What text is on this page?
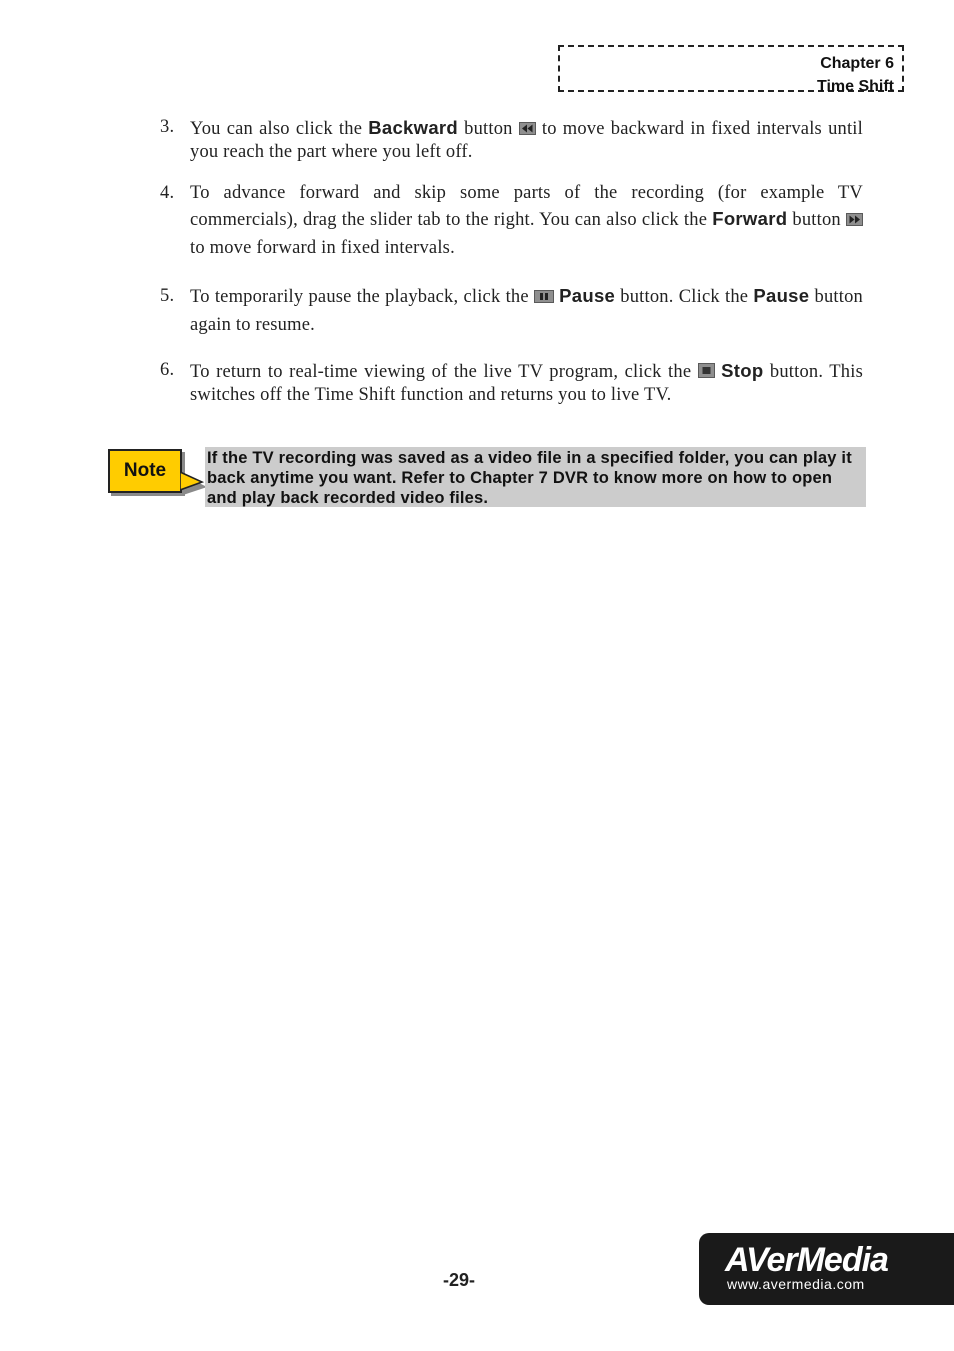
Chapter 6
Time Shift
3. You can also click the Backward button
to move backward in fixed intervals until you reach the part where you left off.
4. To advance forward and skip some parts of the recording (for example TV commercials), drag the slider tab to the right. You can also click the Forward button
to move forward in fixed intervals.
5. To temporarily pause the playback, click the
Pause button. Click the Pause button again to resume.
6. To return to real-time viewing of the live TV program, click the
Stop button. This switches off the Time Shift function and returns you to live TV.
Note
If the TV recording was saved as a video file in a specified folder, you can play it back anytime you want. Refer to Chapter 7 DVR to know more on how to open and play back recorded video files.
-29-
AVerMedia
www.avermedia.com
